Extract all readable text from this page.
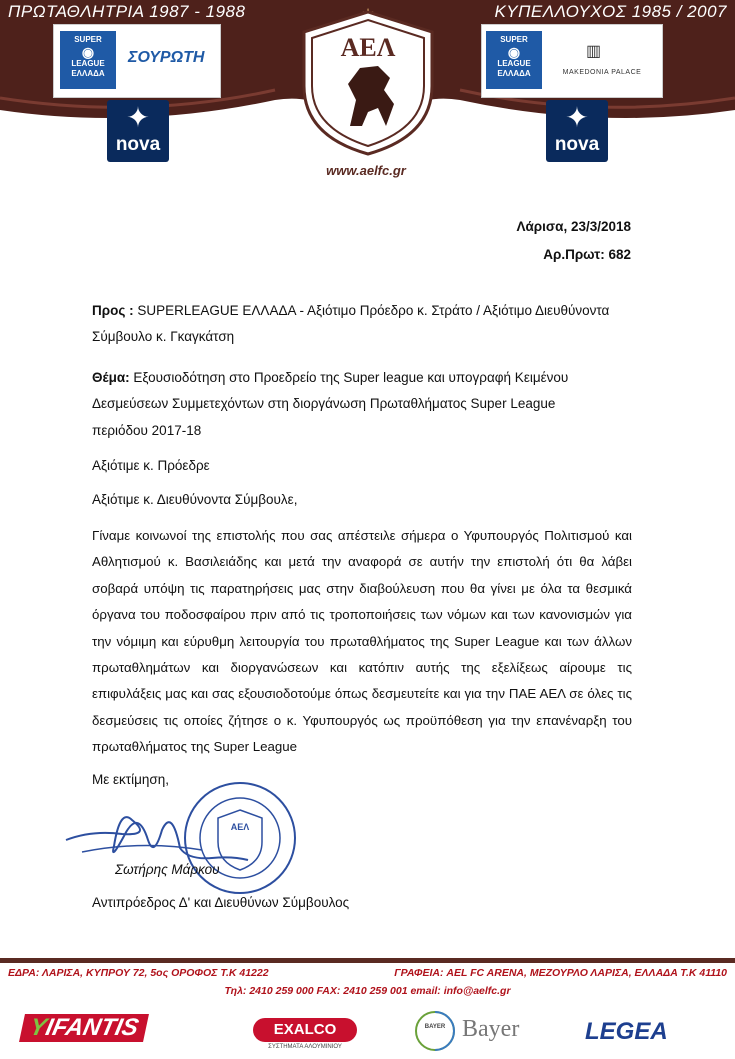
ΠΡΩΤΑΘΛΗΤΡΙΑ 1987 - 1988	ΚΥΠΕΛΛΟΥΧΟΣ 1985 / 2007
SUPER
◉
LEAGUE
ΕΛΛΑΔΑ
ΣΟΥΡΩΤΗ
SUPER
◉
LEAGUE
ΕΛΛΑΔΑ
▥
MAKEDONIA PALACE
ΑΕΛ
✦
nova
✦
nova
www.aelfc.gr
Λάρισα, 23/3/2018
Αρ.Πρωτ: 682
Προς : SUPERLEAGUE ΕΛΛΑΔΑ - Αξιότιμο Πρόεδρο κ. Στράτο / Αξιότιμο Διευθύνοντα Σύμβουλο κ. Γκαγκάτση
Θέμα: Εξουσιοδότηση στο Προεδρείο της Super league και υπογραφή Κειμένου Δεσμεύσεων Συμμετεχόντων στη διοργάνωση Πρωταθλήματος Super League περιόδου 2017-18
Αξιότιμε κ. Πρόεδρε
Αξιότιμε κ. Διευθύνοντα Σύμβουλε,
Γίναμε κοινωνοί της επιστολής που σας απέστειλε σήμερα ο Υφυπουργός Πολιτισμού και Αθλητισμού κ. Βασιλειάδης και μετά την αναφορά σε αυτήν την επιστολή ότι θα λάβει σοβαρά υπόψη τις παρατηρήσεις μας στην διαβούλευση που θα γίνει με όλα τα θεσμικά όργανα του ποδοσφαίρου πριν από τις τροποποιήσεις των νόμων και των κανονισμών για την νόμιμη και εύρυθμη λειτουργία του πρωταθλήματος της Super League και των άλλων πρωταθλημάτων και διοργανώσεων και κατόπιν αυτής της εξελίξεως αίρουμε τις επιφυλάξεις μας και σας εξουσιοδοτούμε όπως δεσμευτείτε και για την ΠΑΕ ΑΕΛ σε όλες τις δεσμεύσεις τις οποίες ζήτησε ο κ. Υφυπουργός ως προϋπόθεση για την επανέναρξη του πρωταθλήματος της Super League
Με εκτίμηση,
ΑΕΛ
Σωτήρης Μάρκου
Αντιπρόεδρος Δ' και Διευθύνων Σύμβουλος
ΕΔΡΑ: ΛΑΡΙΣΑ, ΚΥΠΡΟΥ 72, 5ος ΟΡΟΦΟΣ Τ.Κ 41222	ΓΡΑΦΕΙΑ: AEL FC ARENA, ΜΕΖΟΥΡΛΟ ΛΑΡΙΣΑ, ΕΛΛΑΔΑ Τ.Κ 41110
Τηλ: 2410 259 000 FAX: 2410 259 001 email: info@aelfc.gr
YIFANTIS	EXALCO
ΣΥΣΤΗΜΑΤΑ ΑΛΟΥΜΙΝΙΟΥ
BAYER Bayer	LEGEA
